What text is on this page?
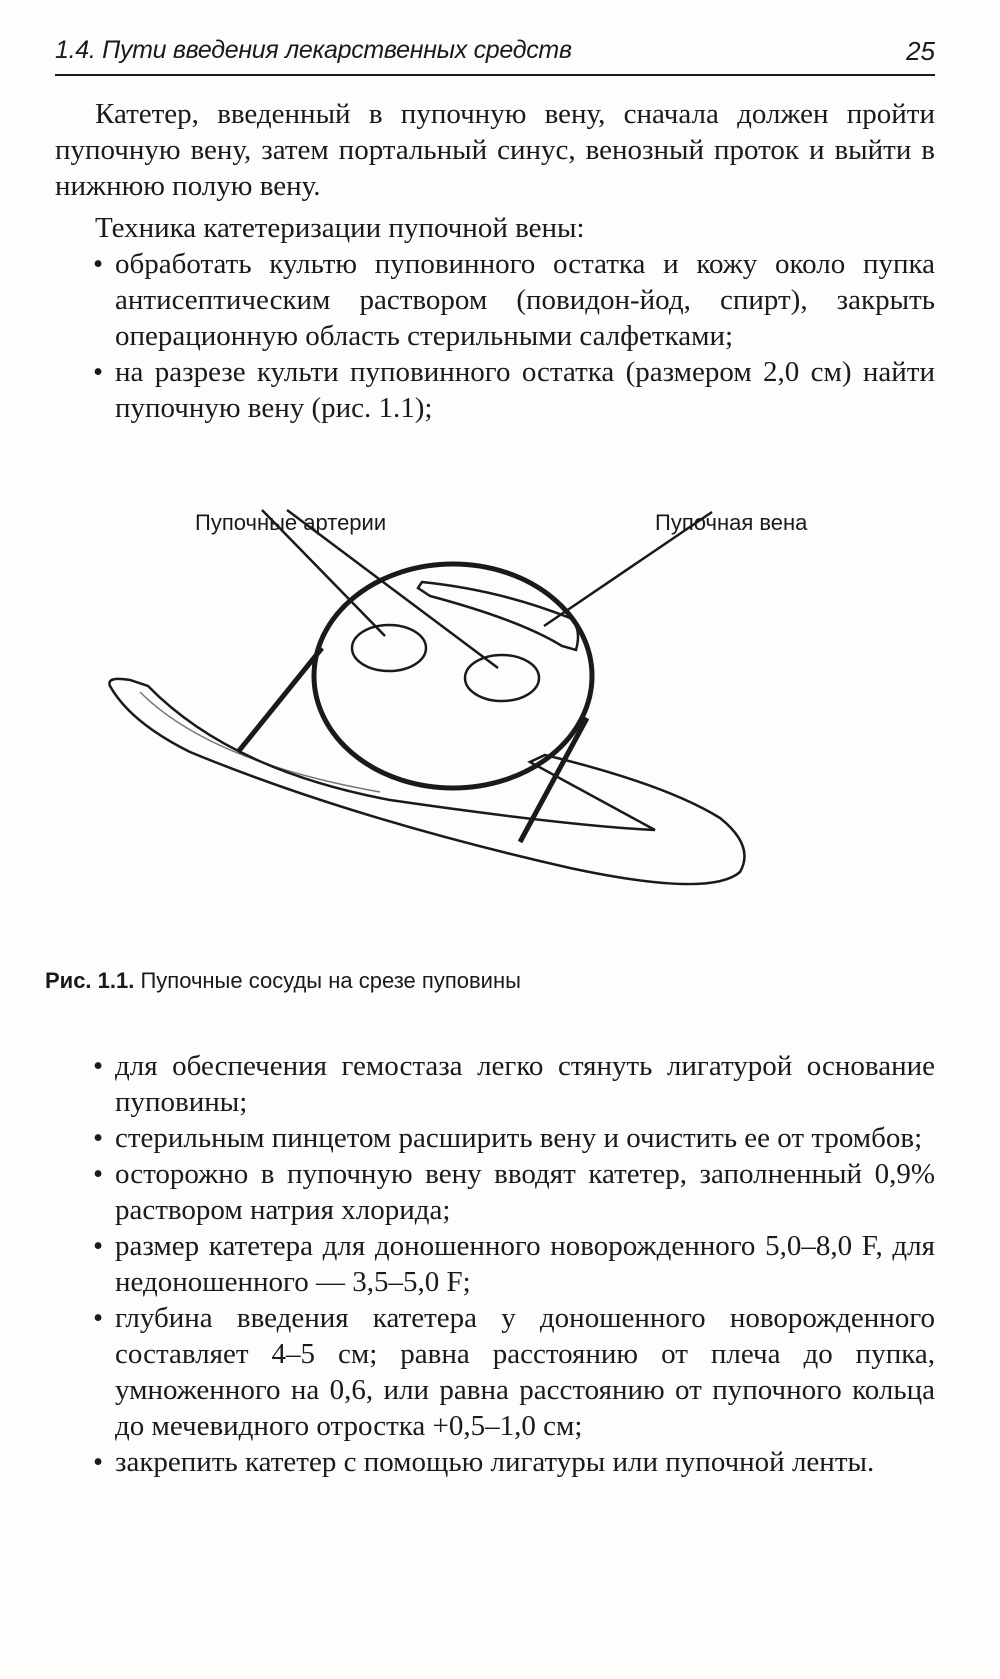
1.4. Пути введения лекарственных средств	25

Катетер, введенный в пупочную вену, сначала должен пройти пупочную вену, затем портальный синус, венозный проток и выйти в нижнюю полую вену.

Техника катетеризации пупочной вены:

• обработать культю пуповинного остатка и кожу около пупка антисептическим раствором (повидон-йод, спирт), закрыть операционную область стерильными салфетками;
• на разрезе культи пуповинного остатка (размером 2,0 см) найти пупочную вену (рис. 1.1);
Пупочные артерии	Пупочная вена
Рис. 1.1. Пупочные сосуды на срезе пуповины
• для обеспечения гемостаза легко стянуть лигатурой основание пуповины;
• стерильным пинцетом расширить вену и очистить ее от тромбов;
• осторожно в пупочную вену вводят катетер, заполненный 0,9% раствором натрия хлорида;
• размер катетера для доношенного новорожденного 5,0–8,0 F, для недоношенного — 3,5–5,0 F;
• глубина введения катетера у доношенного новорожденного составляет 4–5 см; равна расстоянию от плеча до пупка, умноженного на 0,6, или равна расстоянию от пупочного кольца до мечевидного отростка +0,5–1,0 см;
• закрепить катетер с помощью лигатуры или пупочной ленты.
